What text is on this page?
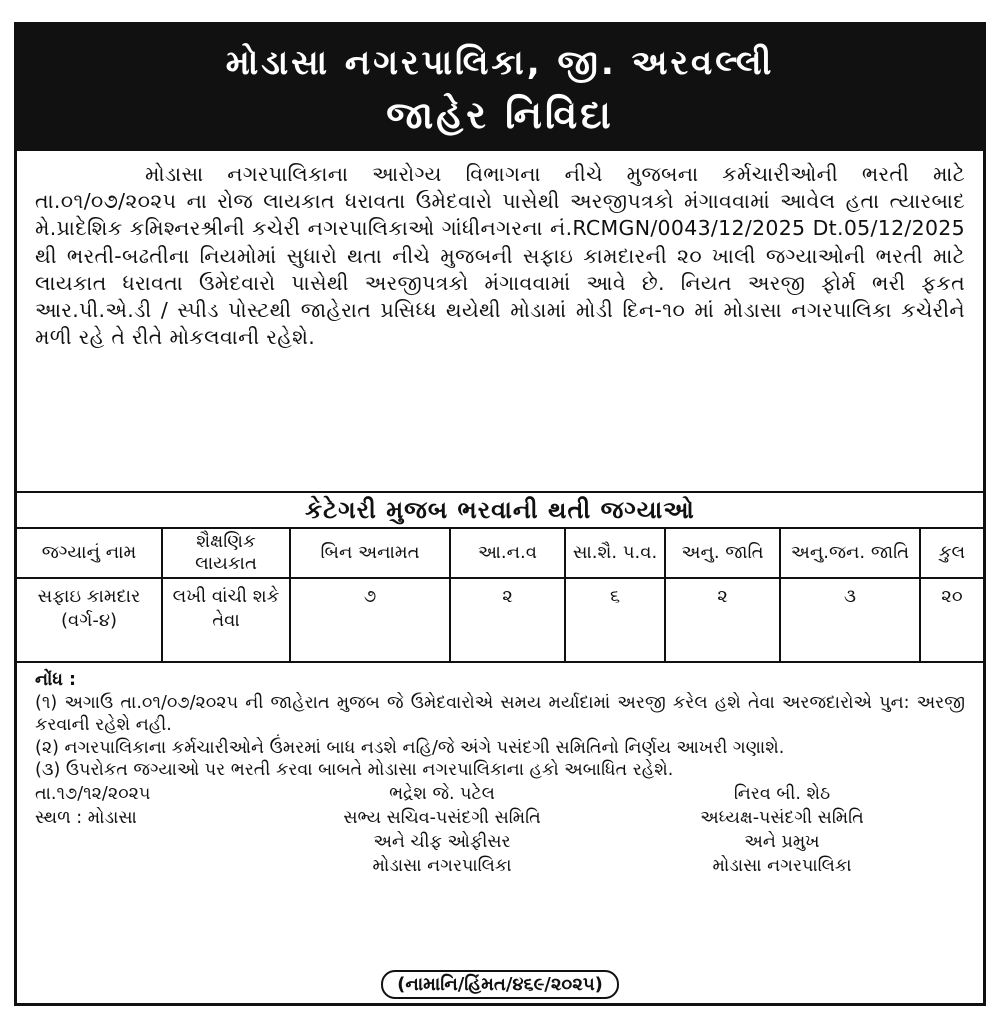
મોડાસા નગરપાલિકા, જી. અરવલ્લી
જાહેર નિવિદા
મોડાસા નગરપાલિકાના આરોગ્ય વિભાગના નીચે મુજબના કર્મચારીઓની ભરતી માટે તા.૦૧/૦૭/૨૦૨૫ ના રોજ લાયકાત ધરાવતા ઉમેદવારો પાસેથી અરજીપત્રકો મંગાવવામાં આવેલ હતા ત્યારબાદ મે.પ્રાદેશિક કમિશ્નરશ્રીની કચેરી નગરપાલિકાઓ ગાંધીનગરના નં.RCMGN/0043/12/2025 Dt.05/12/2025 થી ભરતી-બઢતીના નિયમોમાં સુધારો થતા નીચે મુજબની સફાઇ કામદારની ૨૦ ખાલી જગ્યાઓની ભરતી માટે લાયકાત ધરાવતા ઉમેદવારો પાસેથી અરજીપત્રકો મંગાવવામાં આવે છે. નિયત અરજી ફોર્મ ભરી ફકત આર.પી.એ.ડી / સ્પીડ પોસ્ટથી જાહેરાત પ્રસિધ્ધ થયેથી મોડામાં મોડી દિન-૧૦ માં મોડાસા નગરપાલિકા કચેરીને મળી રહે તે રીતે મોકલવાની રહેશે.
કેટેગરી મુજબ ભરવાની થતી જગ્યાઓ
જગ્યાનું નામ	શૈક્ષણિક લાયકાત	બિન અનામત	આ.ન.વ	સા.શૈ. પ.વ.	અનુ. જાતિ	અનુ.જન. જાતિ	કુલ
સફાઇ કામદાર (વર્ગ-૪)	લખી વાંચી શકે તેવા	૭	૨	૬	૨	૩	૨૦
નોંધ :

(૧) અગાઉ તા.૦૧/૦૭/૨૦૨૫ ની જાહેરાત મુજબ જે ઉમેદવારોએ સમય મર્યાદામાં અરજી કરેલ હશે તેવા અરજદારોએ પુન: અરજી કરવાની રહેશે નહી.

(૨) નગરપાલિકાના કર્મચારીઓને ઉંમરમાં બાધ નડશે નહિ/જે અંગે પસંદગી સમિતિનો નિર્ણય આખરી ગણાશે.

(૩) ઉપરોકત જગ્યાઓ પર ભરતી કરવા બાબતે મોડાસા નગરપાલિકાના હકો અબાધિત રહેશે.

તા.૧૭/૧૨/૨૦૨૫
સ્થળ : મોડાસા
ભદ્રેશ જે. પટેલ
સભ્ય સચિવ-પસંદગી સમિતિ
અને ચીફ ઓફીસર
મોડાસા નગરપાલિકા
નિરવ બી. શેઠ
અધ્યક્ષ-પસંદગી સમિતિ
અને પ્રમુખ
મોડાસા નગરપાલિકા
(નામાનિ/હિંમત/૪૬૯/૨૦૨૫)
